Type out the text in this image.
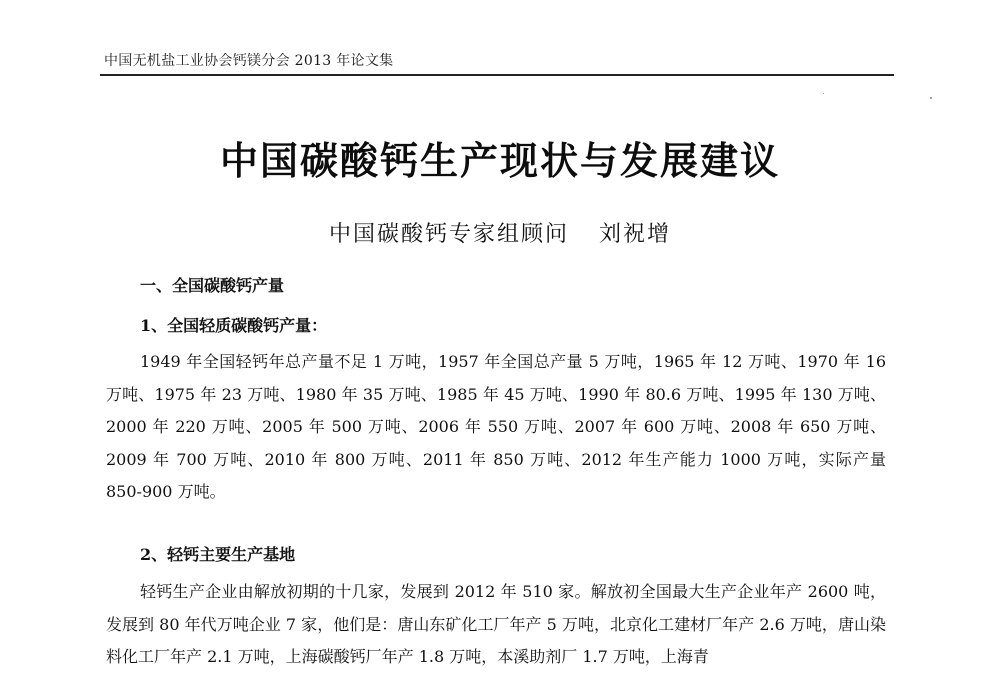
中国无机盐工业协会钙镁分会 2013 年论文集
中国碳酸钙生产现状与发展建议
中国碳酸钙专家组顾问 刘祝增
一、全国碳酸钙产量
1、全国轻质碳酸钙产量：

1949 年全国轻钙年总产量不足 1 万吨，1957 年全国总产量 5 万吨，1965 年 12 万吨、1970 年 16 万吨、1975 年 23 万吨、1980 年 35 万吨、1985 年 45 万吨、1990 年 80.6 万吨、1995 年 130 万吨、2000 年 220 万吨、2005 年 500 万吨、2006 年 550 万吨、2007 年 600 万吨、2008 年 650 万吨、2009 年 700 万吨、2010 年 800 万吨、2011 年 850 万吨、2012 年生产能力 1000 万吨，实际产量 850-900 万吨。

2、轻钙主要生产基地

轻钙生产企业由解放初期的十几家，发展到 2012 年 510 家。解放初全国最大生产企业年产 2600 吨，发展到 80 年代万吨企业 7 家，他们是：唐山东矿化工厂年产 5 万吨，北京化工建材厂年产 2.6 万吨，唐山染料化工厂年产 2.1 万吨，上海碳酸钙厂年产 1.8 万吨，本溪助剂厂 1.7 万吨，上海青
